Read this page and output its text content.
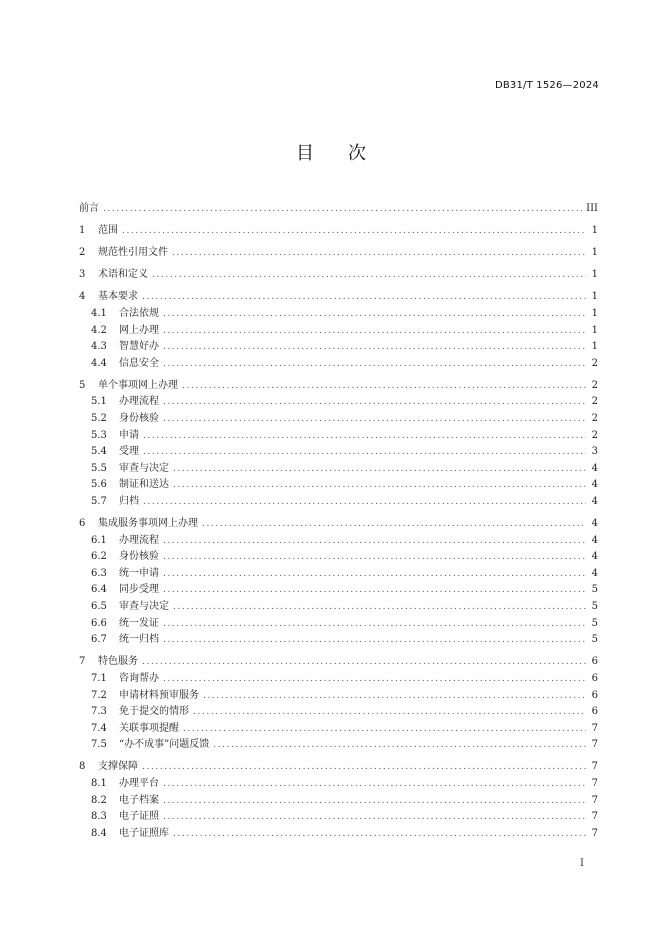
DB31/T 1526—2024
目 次
前言 .....	III
1	范围 .....	1
2	规范性引用文件 .....	1
3	术语和定义 .....	1
4	基本要求 .....	1
4.1	合法依规 .....	1
4.2	网上办理 .....	1
4.3	智慧好办 .....	1
4.4	信息安全 .....	2
5	单个事项网上办理 .....	2
5.1	办理流程 .....	2
5.2	身份核验 .....	2
5.3	申请 .....	2
5.4	受理 .....	3
5.5	审查与决定 .....	4
5.6	制证和送达 .....	4
5.7	归档 .....	4
6	集成服务事项网上办理 .....	4
6.1	办理流程 .....	4
6.2	身份核验 .....	4
6.3	统一申请 .....	4
6.4	同步受理 .....	5
6.5	审查与决定 .....	5
6.6	统一发证 .....	5
6.7	统一归档 .....	5
7	特色服务 .....	6
7.1	咨询帮办 .....	6
7.2	申请材料预审服务 .....	6
7.3	免于提交的情形 .....	6
7.4	关联事项提醒 .....	7
7.5	“办不成事”问题反馈 .....	7
8	支撑保障 .....	7
8.1	办理平台 .....	7
8.2	电子档案 .....	7
8.3	电子证照 .....	7
8.4	电子证照库 .....	7
I
